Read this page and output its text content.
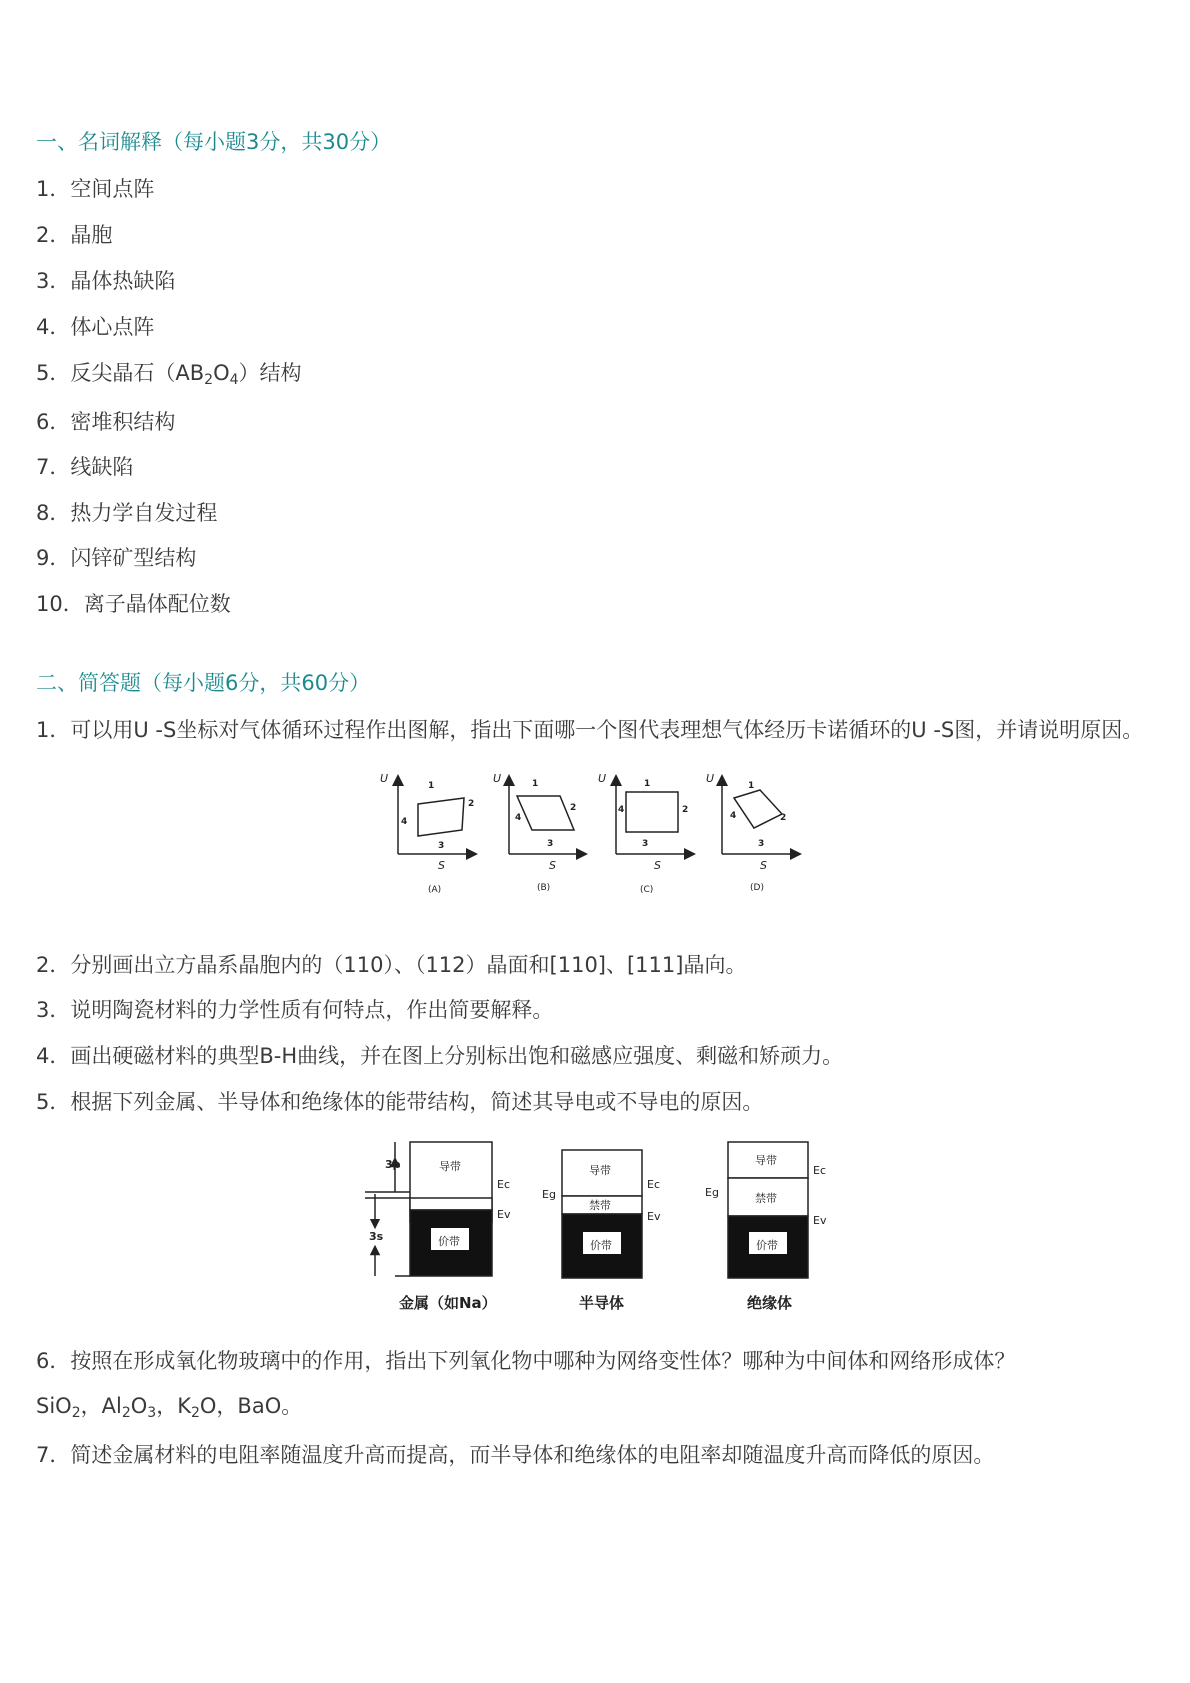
一、名词解释（每小题3分，共30分）
1．空间点阵
2．晶胞
3．晶体热缺陷
4．体心点阵
5．反尖晶石$(AB_2O_4)$结构
6．密堆积结构
7．线缺陷
8．热力学自发过程
9．闪锌矿型结构
10．离子晶体配位数
二、简答题（每小题6分，共60分）
1．可以用U -S坐标对气体循环过程作出图解，指出下面哪一个图代表理想气体经历卡诺循环的U -S图，并请说明原因。
U	U	U	U
S	S	S	S
1
2
3
4
1
2
3
4
1
2
3
4
1
2
3
4
(A)	(B)	(C)	(D)
2．分别画出立方晶系晶胞内的（110）、（112）晶面和[110]、[111]晶向。
3．说明陶瓷材料的力学性质有何特点，作出简要解释。
4．画出硬磁材料的典型B-H曲线，并在图上分别标出饱和磁感应强度、剩磁和矫顽力。
5．根据下列金属、半导体和绝缘体的能带结构，简述其导电或不导电的原因。
导带
价带
Ec
Ev
3p
3s
导带
禁带
价带
Ec
Ev
Eg
导带
禁带
价带
Ec
Ev
Eg
金属（如Na）	半导体	绝缘体
6．按照在形成氧化物玻璃中的作用，指出下列氧化物中哪种为网络变性体？哪种为中间体和网络形成体？
SiO$_2$，$Al_2O_3$，$K_2O$，BaO。
7．简述金属材料的电阻率随温度升高而提高，而半导体和绝缘体的电阻率却随温度升高而降低的原因。
